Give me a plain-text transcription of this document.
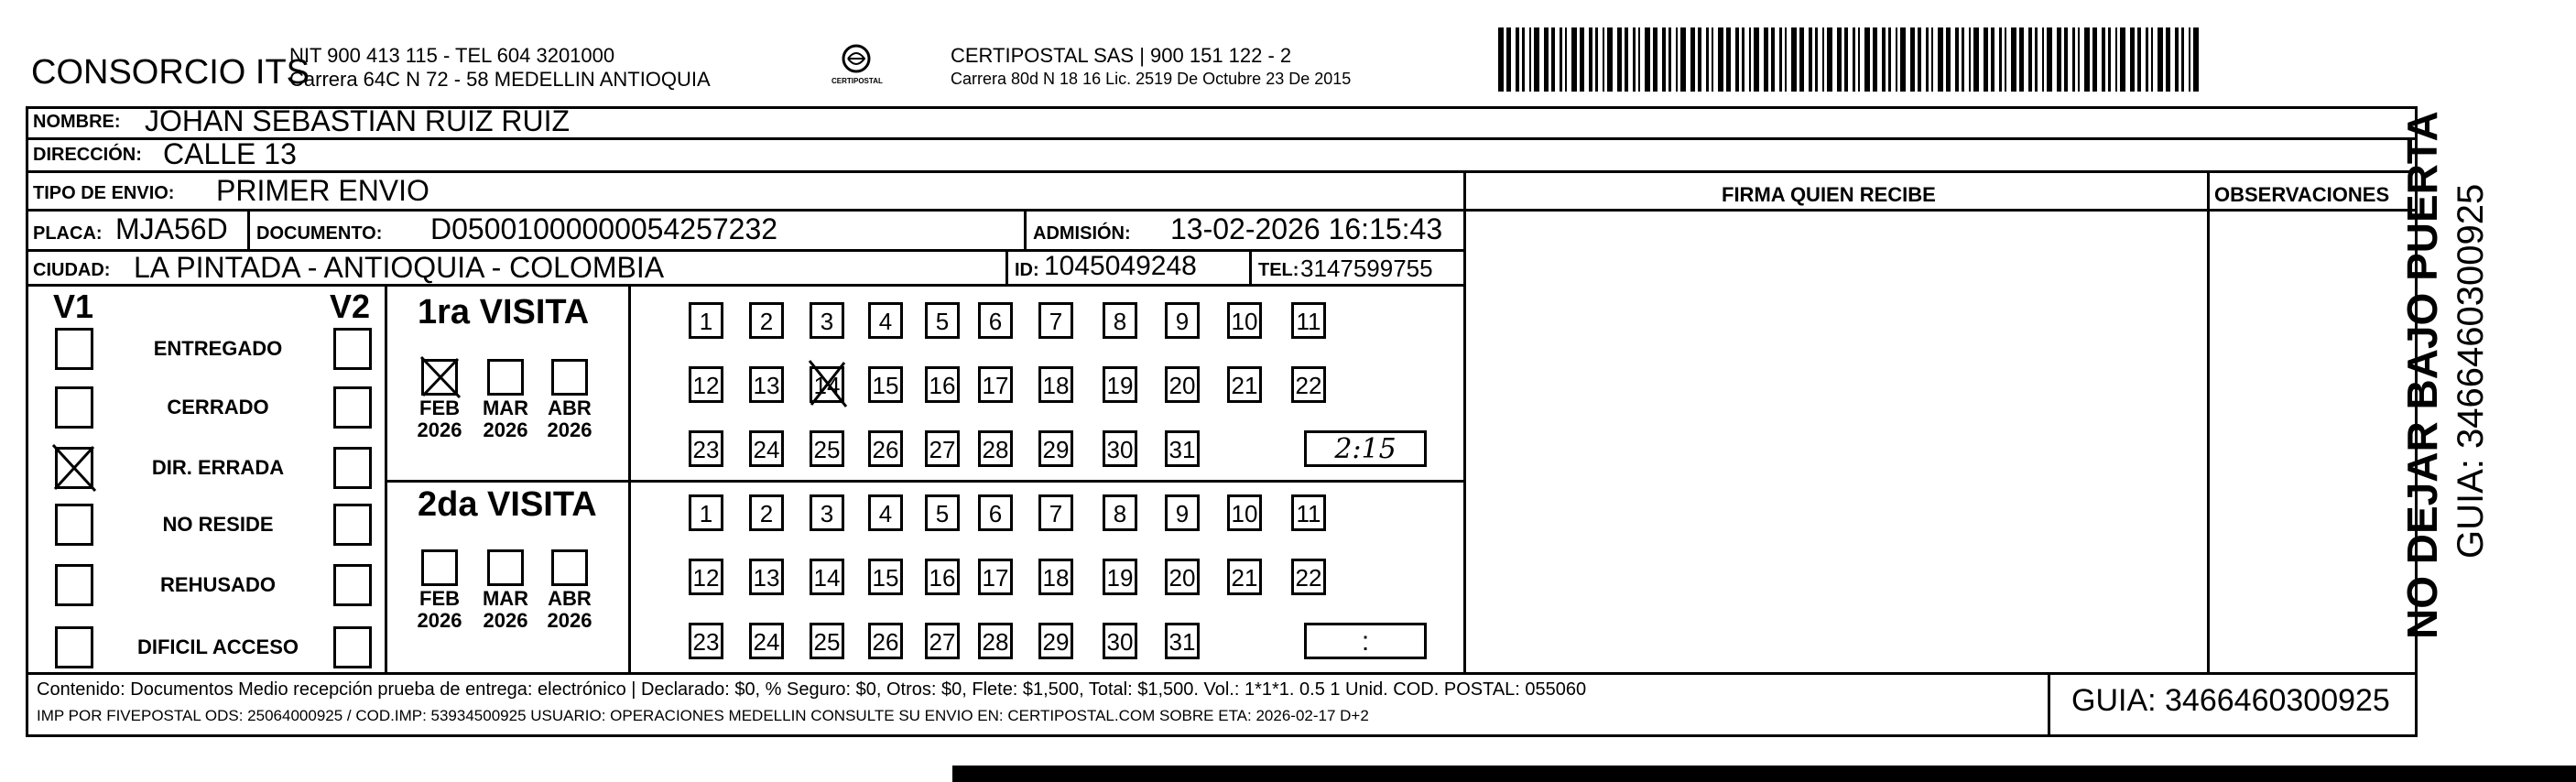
CONSORCIO ITS
NIT 900 413 115 - TEL 604 3201000
Carrera 64C N 72 - 58 MEDELLIN ANTIOQUIA	CERTIPOSTAL
CERTIPOSTAL SAS | 900 151 122 - 2
Carrera 80d N 18 16 Lic. 2519 De Octubre 23 De 2015
NOMBRE: JOHAN SEBASTIAN RUIZ RUIZ
DIRECCIÓN: CALLE 13
TIPO DE ENVIO: PRIMER ENVIO
PLACA: MJA56D DOCUMENTO: D05001000000054257232	ADMISIÓN: 13-02-2026 16:15:43
CIUDAD: LA PINTADA - ANTIOQUIA - COLOMBIA	ID: 1045049248	TEL: 3147599755
FIRMA QUIEN RECIBE	OBSERVACIONES
V1	V2 1ra VISITA
2da VISITA
Contenido: Documentos Medio recepción prueba de entrega: electrónico | Declarado: $0, % Seguro: $0, Otros: $0, Flete: $1,500, Total: $1,500. Vol.: 1*1*1. 0.5 1 Unid. COD. POSTAL: 055060
IMP POR FIVEPOSTAL ODS: 25064000925 / COD.IMP: 53934500925 USUARIO: OPERACIONES MEDELLIN CONSULTE SU ENVIO EN: CERTIPOSTAL.COM SOBRE ETA: 2026-02-17 D+2	GUIA: 3466460300925
NO DEJAR BAJO PUERTA GUIA: 3466460300925
ENTREGADO
CERRADO
DIR. ERRADA
NO RESIDE
REHUSADO
DIFICIL ACCESO
FEB
2026
MAR
2026
ABR
2026
1	2	3	4	5	6	7	8	9	10 11
12 13 14 15 16 17 18 19 20 21 22
23 24 25 26 27 28 29 30 31	2:15
FEB
2026
MAR
2026
ABR
2026
1	2	3	4	5	6	7	8	9	10 11
12 13 14 15 16 17 18 19 20 21 22
23 24 25 26 27 28 29 30 31	:
